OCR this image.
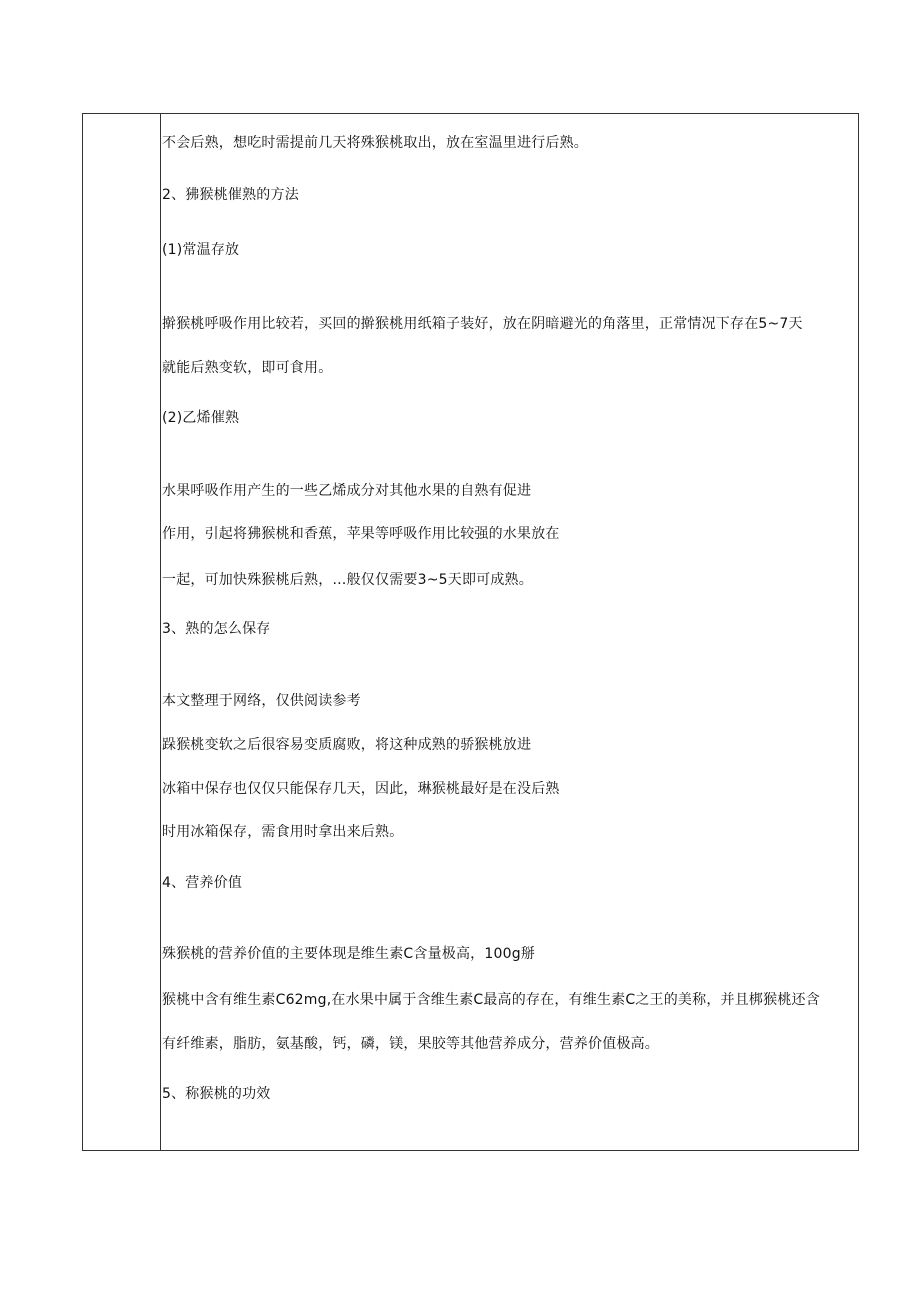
不会后熟，想吃时需提前几天将殊猴桃取出，放在室温里进行后熟。
2、狒猴桃催熟的方法
(1)常温存放
擀猴桃呼吸作用比较若，买回的擀猴桃用纸箱子装好，放在阴暗避光的角落里，正常情况下存在5~7天
就能后熟变软，即可食用。
(2)乙烯催熟
水果呼吸作用产生的一些乙烯成分对其他水果的自熟有促进
作用，引起将狒猴桃和香蕉，苹果等呼吸作用比较强的水果放在
一起，可加快殊猴桃后熟，…般仅仅需要3~5天即可成熟。
3、熟的怎么保存
本文整理于网络，仅供阅读参考
跺猴桃变软之后很容易变质腐败，将这种成熟的骄猴桃放进
冰箱中保存也仅仅只能保存几天，因此，琳猴桃最好是在没后熟
时用冰箱保存，需食用时拿出来后熟。
4、营养价值
殊猴桃的营养价值的主要体现是维生素C含量极高，100g掰
猴桃中含有维生素C62mg,在水果中属于含维生素C最高的存在，有维生素C之王的美称，并且梆猴桃还含
有纤维素，脂肪，氨基酸，钙，磷，镁，果胶等其他营养成分，营养价值极高。
5、称猴桃的功效
